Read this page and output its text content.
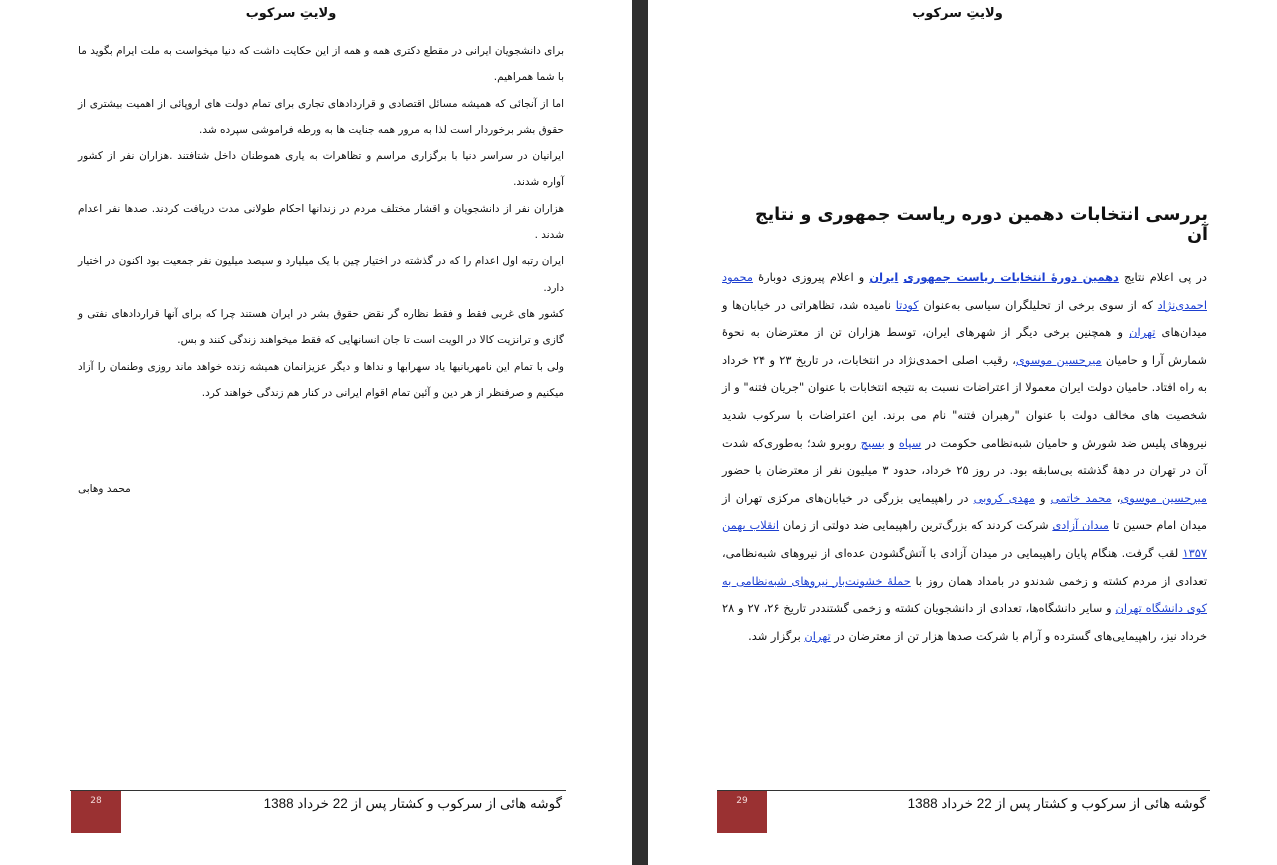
ولایتِ سرکوب

برای دانشجویان ایرانی در مقطع دکتری همه و همه از این حکایت داشت که دنیا میخواست به ملت ایرام بگوید ما با شما همراهیم.

اما از آنجائی که همیشه مسائل اقتصادی و قراردادهای تجاری برای تمام دولت های اروپائی از اهمیت بیشتری از حقوق بشر برخوردار است لذا به مرور همه جنایت ها به ورطه فراموشی سپرده شد.

ایرانیان در سراسر دنیا با برگزاری مراسم و تظاهرات به یاری هموطنان داخل شتافتند .هزاران نفر از کشور آواره شدند.

هزاران نفر از دانشجویان و اقشار مختلف مردم در زندانها احکام طولانی مدت دریافت کردند. صدها نفر اعدام شدند .

ایران رتبه اول اعدام را که در گذشته در اختیار چین با یک میلیارد و سیصد میلیون نفر جمعیت بود اکنون در اختیار دارد.

کشور های غربی فقط و فقط نظاره گر نقض حقوق بشر در ایران هستند چرا که برای آنها قراردادهای نفتی و گازی و ترانزیت کالا در الویت است تا جان انسانهایی که فقط میخواهند زندگی کنند و بس.

ولی با تمام این نامهربانیها یاد سهرابها و نداها و دیگر عزیزانمان همیشه زنده خواهد ماند روزی وطنمان را آزاد میکنیم و صرفنظر از هر دین و آئین تمام اقوام ایرانی در کنار هم زندگی خواهند کرد.

محمد وهابی
28	گوشه هائی از سرکوب و کشتار پس از 22 خرداد 1388
ولایتِ سرکوب
بررسی انتخابات دهمین دوره ریاست جمهوری و نتایج آن

در پی اعلام نتایج دهمین دورهٔ انتخابات ریاست جمهوری ایران و اعلام پیروزی دوبارهٔ محمود احمدی‌نژاد که از سوی برخی از تحلیلگران سیاسی به‌عنوان کودتا نامیده شد، تظاهراتی در خیابان‌ها و میدان‌های تهران و همچنین برخی دیگر از شهرهای ایران، توسط هزاران تن از معترضان به نحوهٔ شمارش آرا و حامیان میرحسین موسوی، رقیب اصلی احمدی‌نژاد در انتخابات، در تاریخ ۲۳ و ۲۴ خرداد به راه افتاد. حامیان دولت ایران معمولا از اعتراضات نسبت به نتیجه انتخابات با عنوان "جریان فتنه" و از شخصیت های مخالف دولت با عنوان "رهبران فتنه" نام می برند. این اعتراضات با سرکوب شدید نیروهای پلیس ضد شورش و حامیان شبه‌نظامی حکومت در سپاه و بسیج روبرو شد؛ به‌طوری‌که شدت آن در تهران در دههٔ گذشته بی‌سابقه بود. در روز ۲۵ خرداد، حدود ۳ میلیون نفر از معترضان با حضور میرحسین موسوی، محمد خاتمی و مهدی کروبی در راهپیمایی بزرگی در خیابان‌های مرکزی تهران از میدان امام حسین تا میدان آزادی شرکت کردند که بزرگ‌ترین راهپیمایی ضد دولتی از زمان انقلاب بهمن ۱۳۵۷ لقب گرفت. هنگام پایان راهپیمایی در میدان آزادی با آتش‌گشودن عده‌ای از نیروهای شبه‌نظامی، تعدادی از مردم کشته و زخمی شدندو در بامداد همان روز با حملهٔ خشونت‌بار نیروهای شبه‌نظامی به کوی دانشگاه تهران و سایر دانشگاه‌ها، تعدادی از دانشجویان کشته و زخمی گشتند‌در تاریخ ۲۶، ۲۷ و ۲۸ خرداد نیز، راهپیمایی‌های گسترده و آرام با شرکت صدها هزار تن از معترضان در تهران برگزار شد.

29	گوشه هائی از سرکوب و کشتار پس از 22 خرداد 1388
